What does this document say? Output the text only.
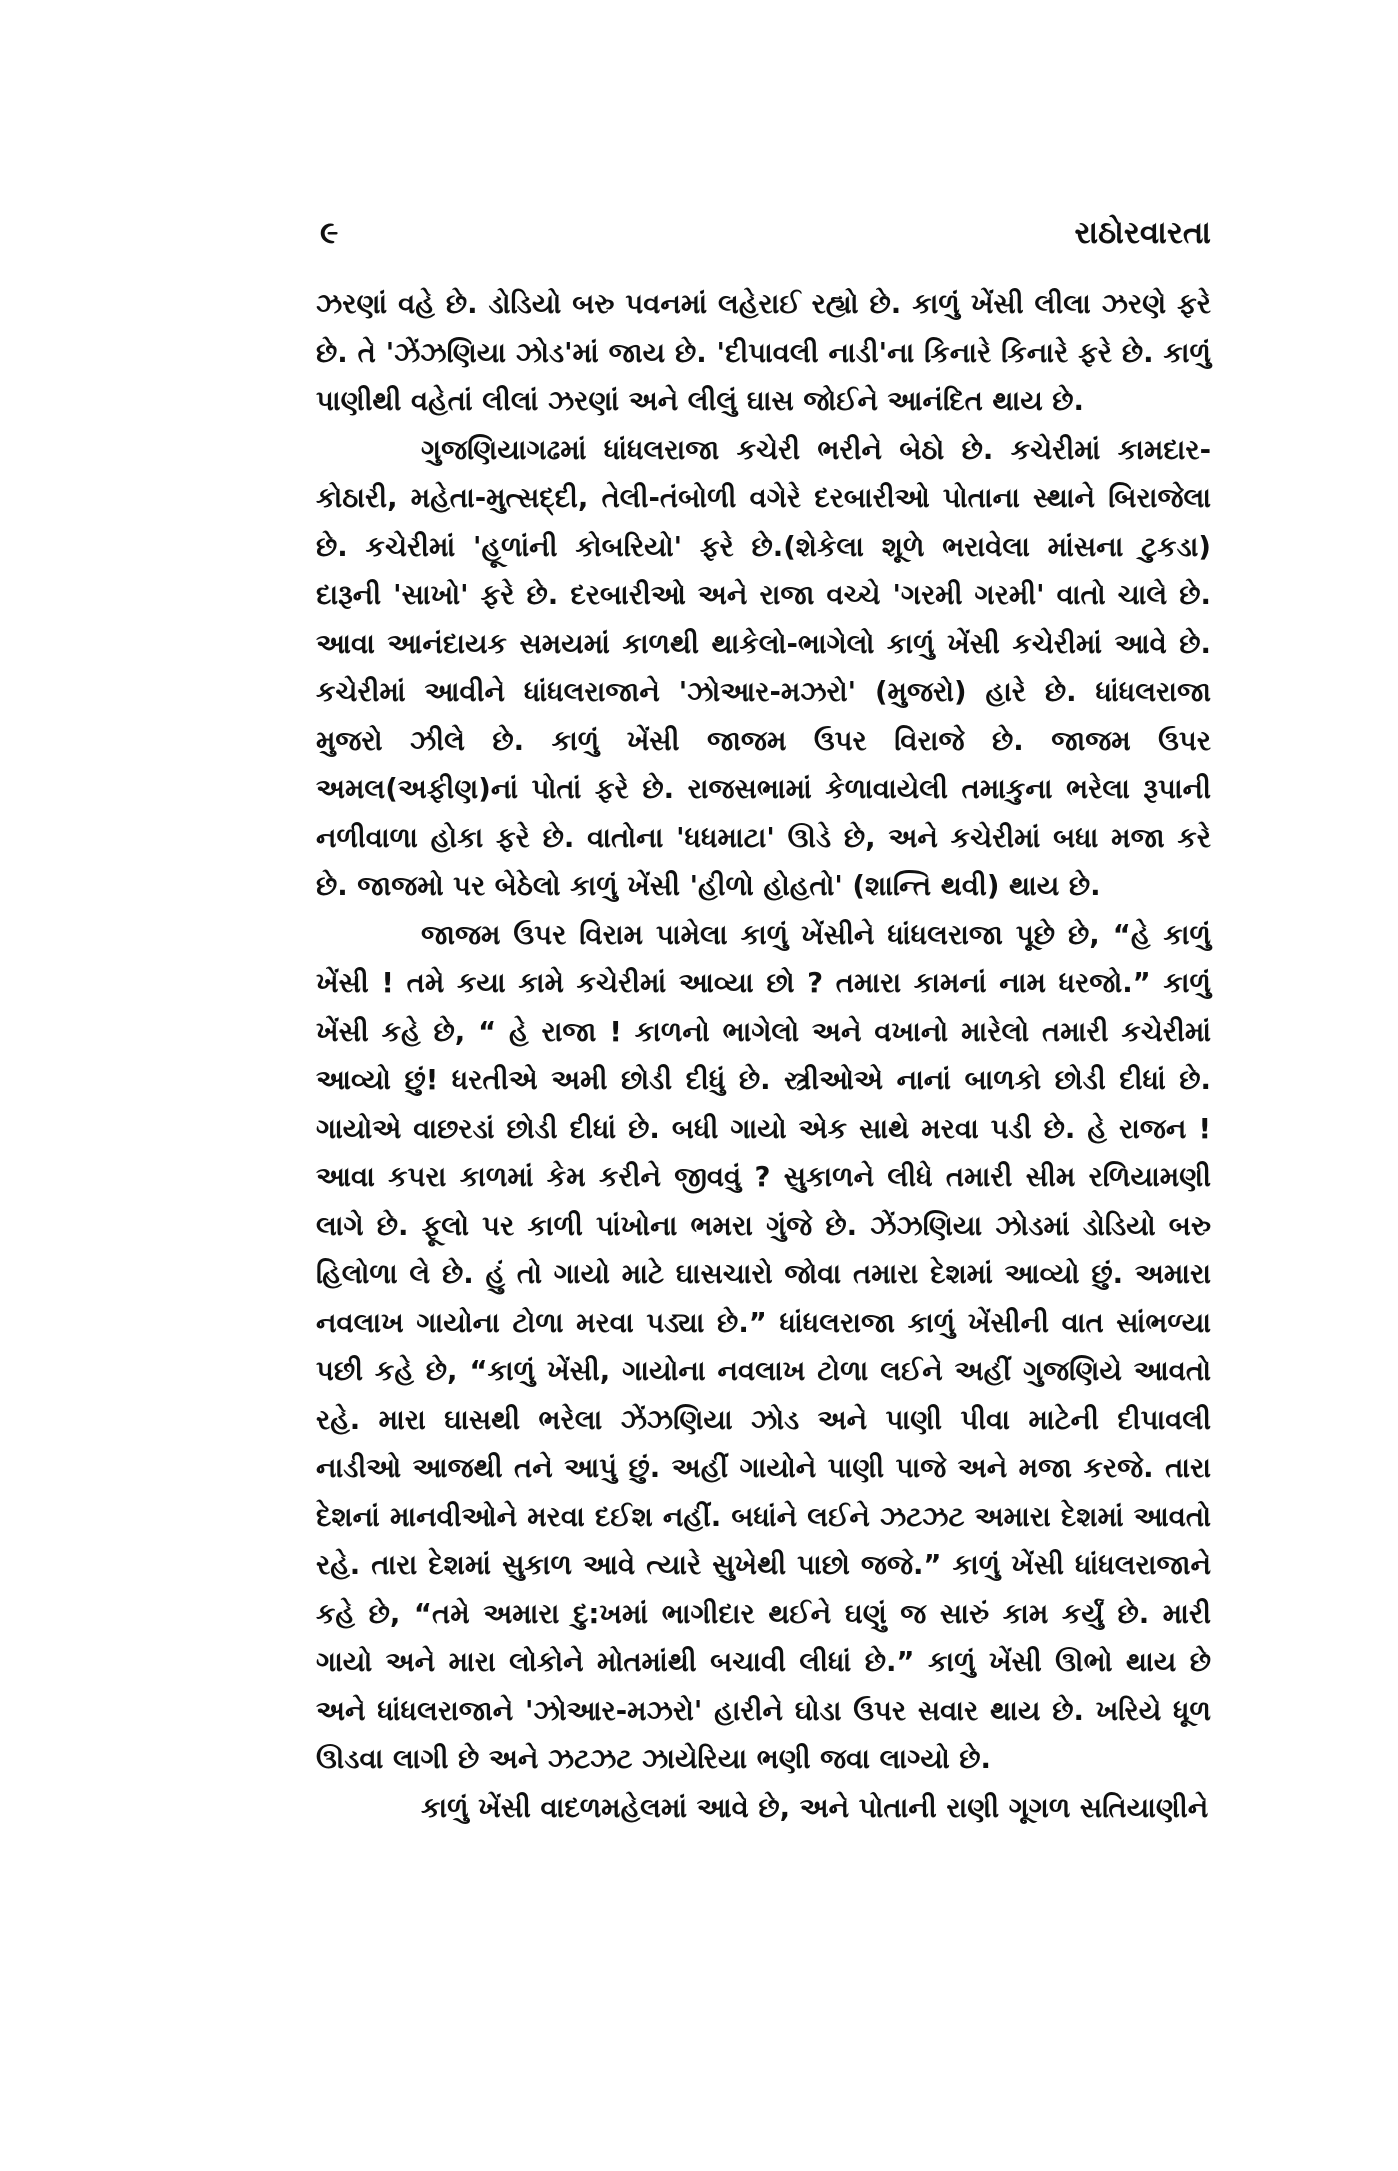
૯	રાઠોરવારતા

ઝરણાં વહે છે. ડોડિયો બરુ પવનમાં લહેરાઈ રહ્યો છે. કાળું ખેંસી લીલા ઝરણે ફરે છે. તે 'ઝેંઝણિયા ઝોડ'માં જાય છે. 'દીપાવલી નાડી'ના કિનારે કિનારે ફરે છે. કાળું પાણીથી વહેતાં લીલાં ઝરણાં અને લીલું ઘાસ જોઈને આનંદિત થાય છે.

ગુજણિયાગઢમાં ધાંધલરાજા કચેરી ભરીને બેઠો છે. કચેરીમાં કામદાર-કોઠારી, મહેતા-મુત્સદ્દી, તેલી-તંબોળી વગેરે દરબારીઓ પોતાના સ્થાને બિરાજેલા છે. કચેરીમાં 'હૂળાંની કોબરિયો' ફરે છે.(શેકેલા શૂળે ભરાવેલા માંસના ટુકડા) દારૂની 'સાખો' ફરે છે. દરબારીઓ અને રાજા વચ્ચે 'ગરમી ગરમી' વાતો ચાલે છે. આવા આનંદાયક સમયમાં કાળથી થાકેલો-ભાગેલો કાળું ખેંસી કચેરીમાં આવે છે. કચેરીમાં આવીને ધાંધલરાજાને 'ઝોઆર-મઝરો' (મુજરો) હારે છે. ધાંધલરાજા મુજરો ઝીલે છે. કાળું ખેંસી જાજમ ઉપર વિરાજે છે. જાજમ ઉપર અમલ(અફીણ)નાં પોતાં ફરે છે. રાજસભામાં કેળાવાયેલી તમાકુના ભરેલા રૂપાની નળીવાળા હોકા ફરે છે. વાતોના 'ધધમાટા' ઊડે છે, અને કચેરીમાં બધા મજા કરે છે. જાજમો પર બેઠેલો કાળું ખેંસી 'હીળો હોહતો' (શાન્તિ થવી) થાય છે.

જાજમ ઉપર વિરામ પામેલા કાળું ખેંસીને ધાંધલરાજા પૂછે છે, “હે કાળું ખેંસી ! તમે કયા કામે કચેરીમાં આવ્યા છો ? તમારા કામનાં નામ ધરજો.” કાળું ખેંસી કહે છે, “ હે રાજા ! કાળનો ભાગેલો અને વખાનો મારેલો તમારી કચેરીમાં આવ્યો છું! ધરતીએ અમી છોડી દીધું છે. સ્ત્રીઓએ નાનાં બાળકો છોડી દીધાં છે. ગાયોએ વાછરડાં છોડી દીધાં છે. બધી ગાયો એક સાથે મરવા પડી છે. હે રાજન ! આવા કપરા કાળમાં કેમ કરીને જીવવું ? સુકાળને લીધે તમારી સીમ રળિયામણી લાગે છે. ફૂલો પર કાળી પાંખોના ભમરા ગુંજે છે. ઝેંઝણિયા ઝોડમાં ડોડિયો બરુ હિલોળા લે છે. હું તો ગાયો માટે ઘાસચારો જોવા તમારા દેશમાં આવ્યો છું. અમારા નવલાખ ગાયોના ટોળા મરવા પડ્યા છે.” ધાંધલરાજા કાળું ખેંસીની વાત સાંભળ્યા પછી કહે છે, “કાળું ખેંસી, ગાયોના નવલાખ ટોળા લઈને અહીં ગુજણિયે આવતો રહે. મારા ઘાસથી ભરેલા ઝેંઝણિયા ઝોડ અને પાણી પીવા માટેની દીપાવલી નાડીઓ આજથી તને આપું છું. અહીં ગાયોને પાણી પાજે અને મજા કરજે. તારા દેશનાં માનવીઓને મરવા દઈશ નહીં. બધાંને લઈને ઝટઝટ અમારા દેશમાં આવતો રહે. તારા દેશમાં સુકાળ આવે ત્યારે સુખેથી પાછો જજે.” કાળું ખેંસી ધાંધલરાજાને કહે છે, “તમે અમારા દુ:ખમાં ભાગીદાર થઈને ઘણું જ સારું કામ કર્યું છે. મારી ગાયો અને મારા લોકોને મોતમાંથી બચાવી લીધાં છે.” કાળું ખેંસી ઊભો થાય છે અને ધાંધલરાજાને 'ઝોઆર-મઝરો' હારીને ઘોડા ઉપર સવાર થાય છે. ખરિયે ધૂળ ઊડવા લાગી છે અને ઝટઝટ ઝાયેરિયા ભણી જવા લાગ્યો છે.

કાળું ખેંસી વાદળમહેલમાં આવે છે, અને પોતાની રાણી ગૂગળ સતિયાણીને
